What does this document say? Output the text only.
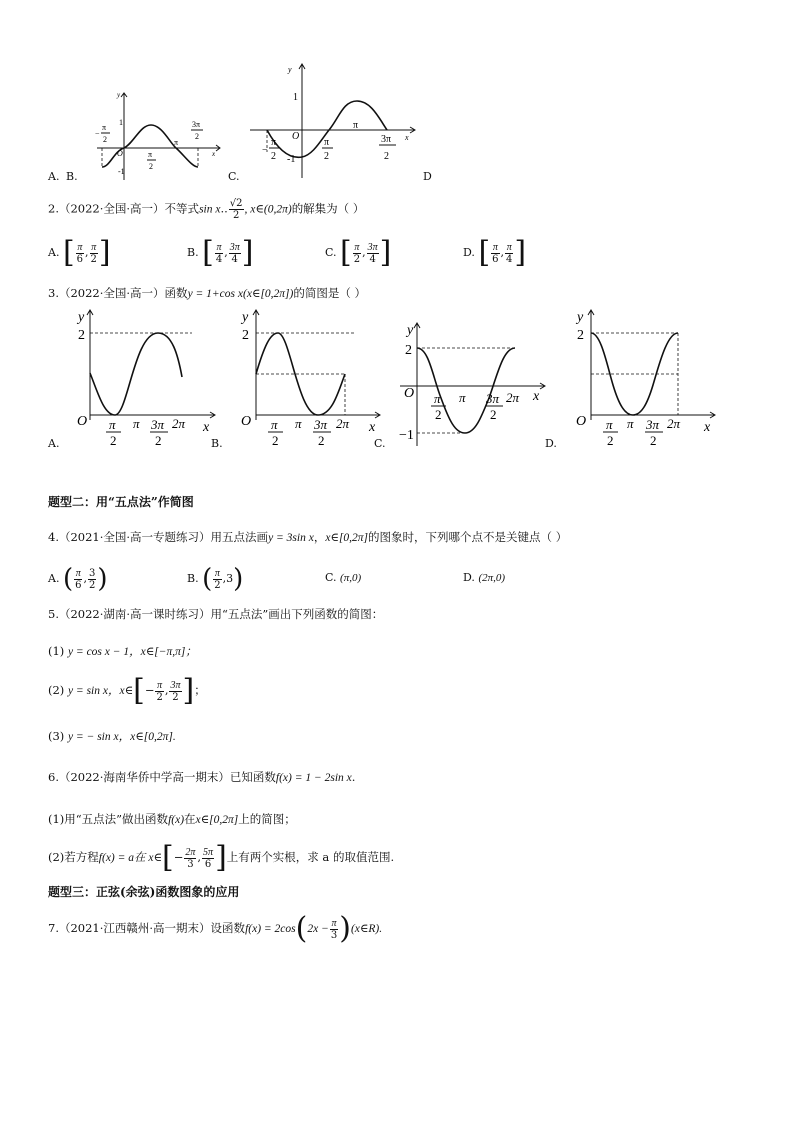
y
x
O
1
-1
π
−
π
2
π
2
3π
2
y
x
O
1
-1
π
−
π
2
π
2
3π
2
A. B.	C.	D
2.（2022·全国·高一）不等式sin x.. $\frac{√2}{2}$ , x∈(0,2π)的解集为（ ）
A. [ $\frac{\pi}{6}$ , $\frac{\pi}{2}$ ]	B. [ $\frac{\pi}{4}$ , $\frac{3\pi}{4}$ ]	C. [ $\frac{\pi}{2}$ , $\frac{3\pi}{4}$ ]	D. [ $\frac{\pi}{6}$ , $\frac{\pi}{4}$ ]
3.（2022·全国·高一）函数y = 1+cos x(x∈[0,2π])的简图是（ ）
y
2
O	x
π
2
π 3π
2
2π
A.
y
2
O	x
π
2
π 3π
2
2π
B.
y
2
O	x
−1
π
2
π 3π
2
2π
C.
y
2
O	x
π
2
π 3π
2
2π
D.
题型二：用“五点法”作简图
4.（2021·全国·高一专题练习）用五点法画y = 3sin x，x∈[0,2π]的图象时，下列哪个点不是关键点（ ）
A. ( $\frac{\pi}{6}$ , $\frac{3}{2}$ )	B. ( $\frac{\pi}{2} ,3$)	C. (π,0)	D. (2π,0)
5.（2022·湖南·高一课时练习）用“五点法”画出下列函数的简图：
(1) y = cos x − 1，x∈[−π,π]；
(2) y = sin x，x∈[− $\frac{\pi}{2}$ , $\frac{3\pi}{2}$ ]；
(3) y = − sin x，x∈[0,2π].
6.（2022·海南华侨中学高一期末）已知函数f(x) = 1 − 2sin x.
(1)用“五点法”做出函数f(x)在x∈[0,2π]上的简图；
(2)若方程f(x) = a在 x∈[− $\frac{2\pi}{3}$ , $\frac{5\pi}{6}$ ]上有两个实根，求 a 的取值范围.
题型三：正弦(余弦)函数图象的应用
7.（2021·江西赣州·高一期末）设函数$f(x) = 2\cos(2x - \frac{\pi}{3}$ )(x∈R).
